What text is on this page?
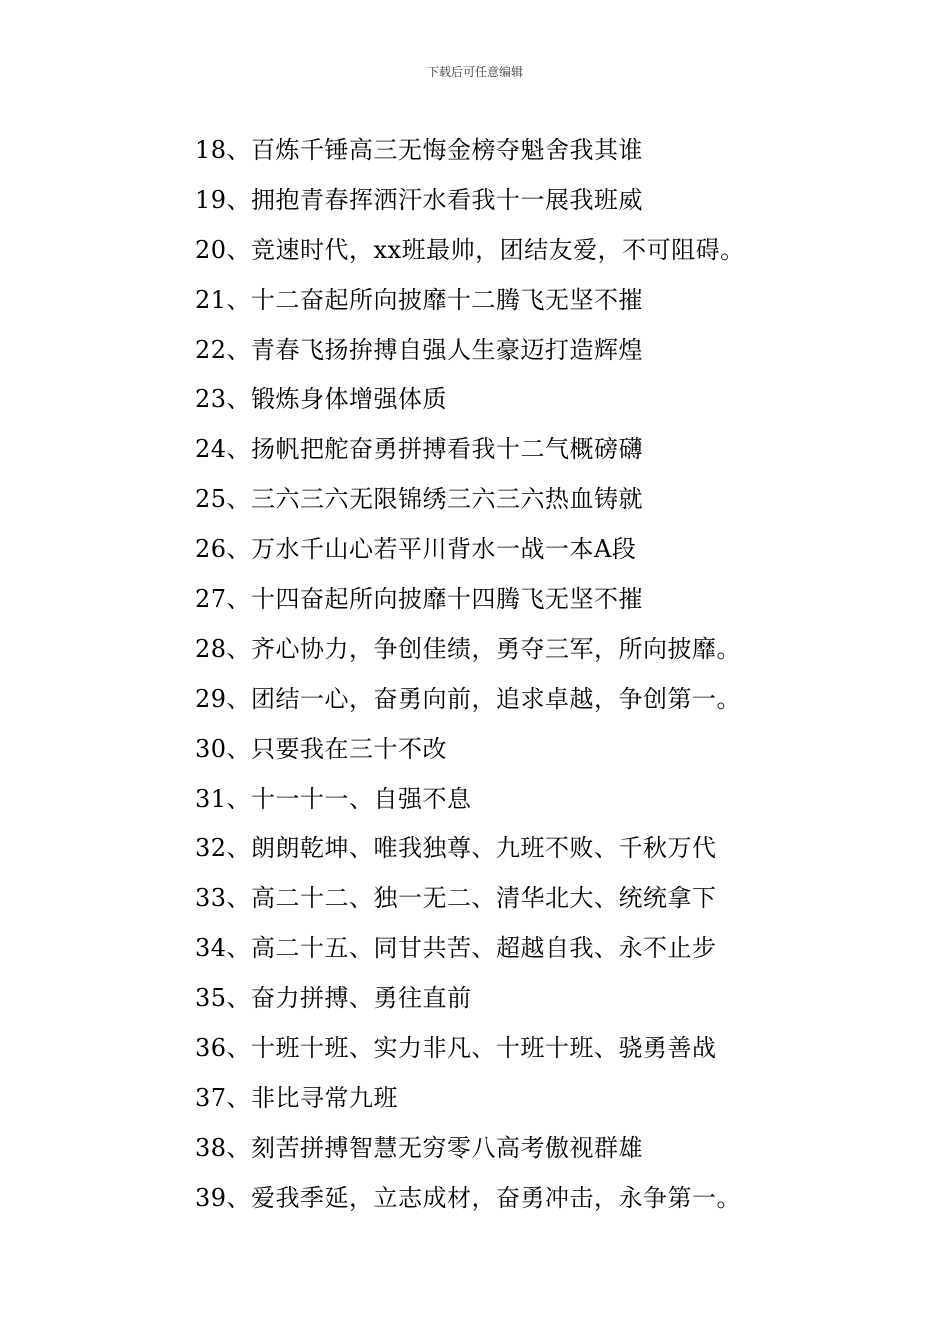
下载后可任意编辑
18、百炼千锤高三无悔金榜夺魁舍我其谁
19、拥抱青春挥洒汗水看我十一展我班威
20、竞速时代，xx班最帅，团结友爱，不可阻碍。
21、十二奋起所向披靡十二腾飞无坚不摧
22、青春飞扬拚搏自强人生豪迈打造辉煌
23、锻炼身体增强体质
24、扬帆把舵奋勇拼搏看我十二气概磅礴
25、三六三六无限锦绣三六三六热血铸就
26、万水千山心若平川背水一战一本A段
27、十四奋起所向披靡十四腾飞无坚不摧
28、齐心协力，争创佳绩，勇夺三军，所向披靡。
29、团结一心，奋勇向前，追求卓越，争创第一。
30、只要我在三十不改
31、十一十一、自强不息
32、朗朗乾坤、唯我独尊、九班不败、千秋万代
33、高二十二、独一无二、清华北大、统统拿下
34、高二十五、同甘共苦、超越自我、永不止步
35、奋力拼搏、勇往直前
36、十班十班、实力非凡、十班十班、骁勇善战
37、非比寻常九班
38、刻苦拼搏智慧无穷零八高考傲视群雄
39、爱我季延，立志成材，奋勇冲击，永争第一。
